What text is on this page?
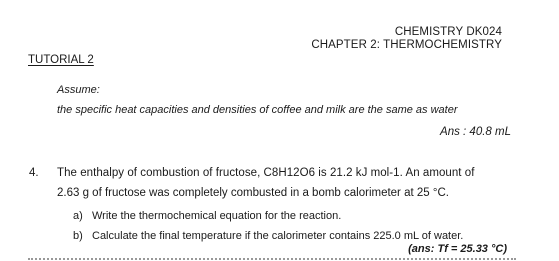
CHEMISTRY DK024
CHAPTER 2: THERMOCHEMISTRY
TUTORIAL 2
Assume:
the specific heat capacities and densities of coffee and milk are the same as water
Ans : 40.8 mL
4. The enthalpy of combustion of fructose, C8H12O6 is 21.2 kJ mol-1. An amount of
2.63 g of fructose was completely combusted in a bomb calorimeter at 25 °C.
a) Write the thermochemical equation for the reaction.
b) Calculate the final temperature if the calorimeter contains 225.0 mL of water.
(ans: Tf = 25.33 °C)
